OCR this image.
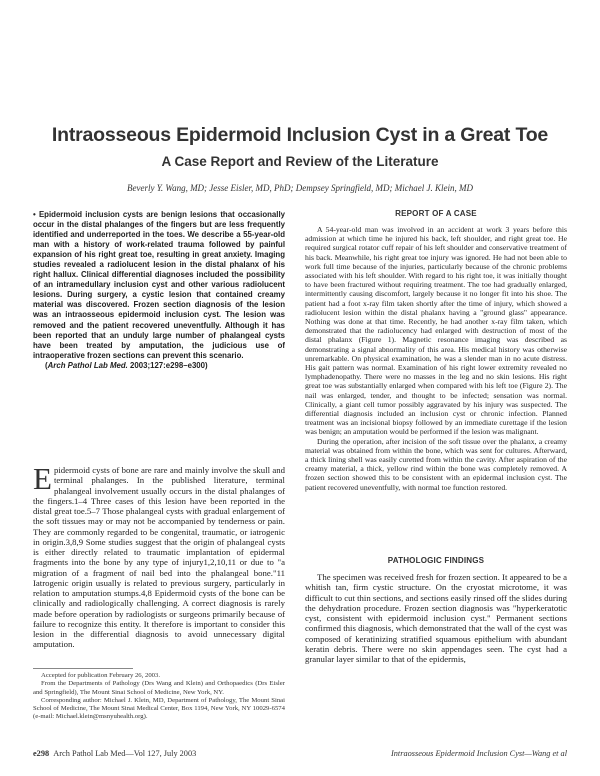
Intraosseous Epidermoid Inclusion Cyst in a Great Toe
A Case Report and Review of the Literature
Beverly Y. Wang, MD; Jesse Eisler, MD, PhD; Dempsey Springfield, MD; Michael J. Klein, MD
• Epidermoid inclusion cysts are benign lesions that occasionally occur in the distal phalanges of the fingers but are less frequently identified and underreported in the toes. We describe a 55-year-old man with a history of work-related trauma followed by painful expansion of his right great toe, resulting in great anxiety. Imaging studies revealed a radiolucent lesion in the distal phalanx of his right hallux. Clinical differential diagnoses included the possibility of an intramedullary inclusion cyst and other various radiolucent lesions. During surgery, a cystic lesion that contained creamy material was discovered. Frozen section diagnosis of the lesion was an intraosseous epidermoid inclusion cyst. The lesion was removed and the patient recovered uneventfully. Although it has been reported that an unduly large number of phalangeal cysts have been treated by amputation, the judicious use of intraoperative frozen sections can prevent this scenario.
(Arch Pathol Lab Med. 2003;127:e298–e300)
Epidermoid cysts of bone are rare and mainly involve the skull and terminal phalanges. In the published literature, terminal phalangeal involvement usually occurs in the distal phalanges of the fingers.1–4 Three cases of this lesion have been reported in the distal great toe.5–7 Those phalangeal cysts with gradual enlargement of the soft tissues may or may not be accompanied by tenderness or pain. They are commonly regarded to be congenital, traumatic, or iatrogenic in origin.3,8,9 Some studies suggest that the origin of phalangeal cysts is either directly related to traumatic implantation of epidermal fragments into the bone by any type of injury1,2,10,11 or due to "a migration of a fragment of nail bed into the phalangeal bone."11 Iatrogenic origin usually is related to previous surgery, particularly in relation to amputation stumps.4,8 Epidermoid cysts of the bone can be clinically and radiologically challenging. A correct diagnosis is rarely made before operation by radiologists or surgeons primarily because of failure to recognize this entity. It therefore is important to consider this lesion in the differential diagnosis to avoid unnecessary digital amputation.

Accepted for publication February 26, 2003.

From the Departments of Pathology (Drs Wang and Klein) and Orthopaedics (Drs Eisler and Springfield), The Mount Sinai School of Medicine, New York, NY.

Corresponding author: Michael J. Klein, MD, Department of Pathology, The Mount Sinai School of Medicine, The Mount Sinai Medical Center, Box 1194, New York, NY 10029-6574 (e-mail: Michael.klein@msnyuhealth.org).

REPORT OF A CASE

A 54-year-old man was involved in an accident at work 3 years before this admission at which time he injured his back, left shoulder, and right great toe. He required surgical rotator cuff repair of his left shoulder and conservative treatment of his back. Meanwhile, his right great toe injury was ignored. He had not been able to work full time because of the injuries, particularly because of the chronic problems associated with his left shoulder. With regard to his right toe, it was initially thought to have been fractured without requiring treatment. The toe had gradually enlarged, intermittently causing discomfort, largely because it no longer fit into his shoe. The patient had a foot x-ray film taken shortly after the time of injury, which showed a radiolucent lesion within the distal phalanx having a "ground glass" appearance. Nothing was done at that time. Recently, he had another x-ray film taken, which demonstrated that the radiolucency had enlarged with destruction of most of the distal phalanx (Figure 1). Magnetic resonance imaging was described as demonstrating a signal abnormality of this area. His medical history was otherwise unremarkable. On physical examination, he was a slender man in no acute distress. His gait pattern was normal. Examination of his right lower extremity revealed no lymphadenopathy. There were no masses in the leg and no skin lesions. His right great toe was substantially enlarged when compared with his left toe (Figure 2). The nail was enlarged, tender, and thought to be infected; sensation was normal. Clinically, a giant cell tumor possibly aggravated by his injury was suspected. The differential diagnosis included an inclusion cyst or chronic infection. Planned treatment was an incisional biopsy followed by an immediate curettage if the lesion was benign; an amputation would be performed if the lesion was malignant.

During the operation, after incision of the soft tissue over the phalanx, a creamy material was obtained from within the bone, which was sent for cultures. Afterward, a thick lining shell was easily curetted from within the cavity. After aspiration of the creamy material, a thick, yellow rind within the bone was completely removed. A frozen section showed this to be consistent with an epidermal inclusion cyst. The patient recovered uneventfully, with normal toe function restored.

PATHOLOGIC FINDINGS

The specimen was received fresh for frozen section. It appeared to be a whitish tan, firm cystic structure. On the cryostat microtome, it was difficult to cut thin sections, and sections easily rinsed off the slides during the dehydration procedure. Frozen section diagnosis was "hyperkeratotic cyst, consistent with epidermoid inclusion cyst." Permanent sections confirmed this diagnosis, which demonstrated that the wall of the cyst was composed of keratinizing stratified squamous epithelium with abundant keratin debris. There were no skin appendages seen. The cyst had a granular layer similar to that of the epidermis,

e298 Arch Pathol Lab Med—Vol 127, July 2003	Intraosseous Epidermoid Inclusion Cyst—Wang et al
